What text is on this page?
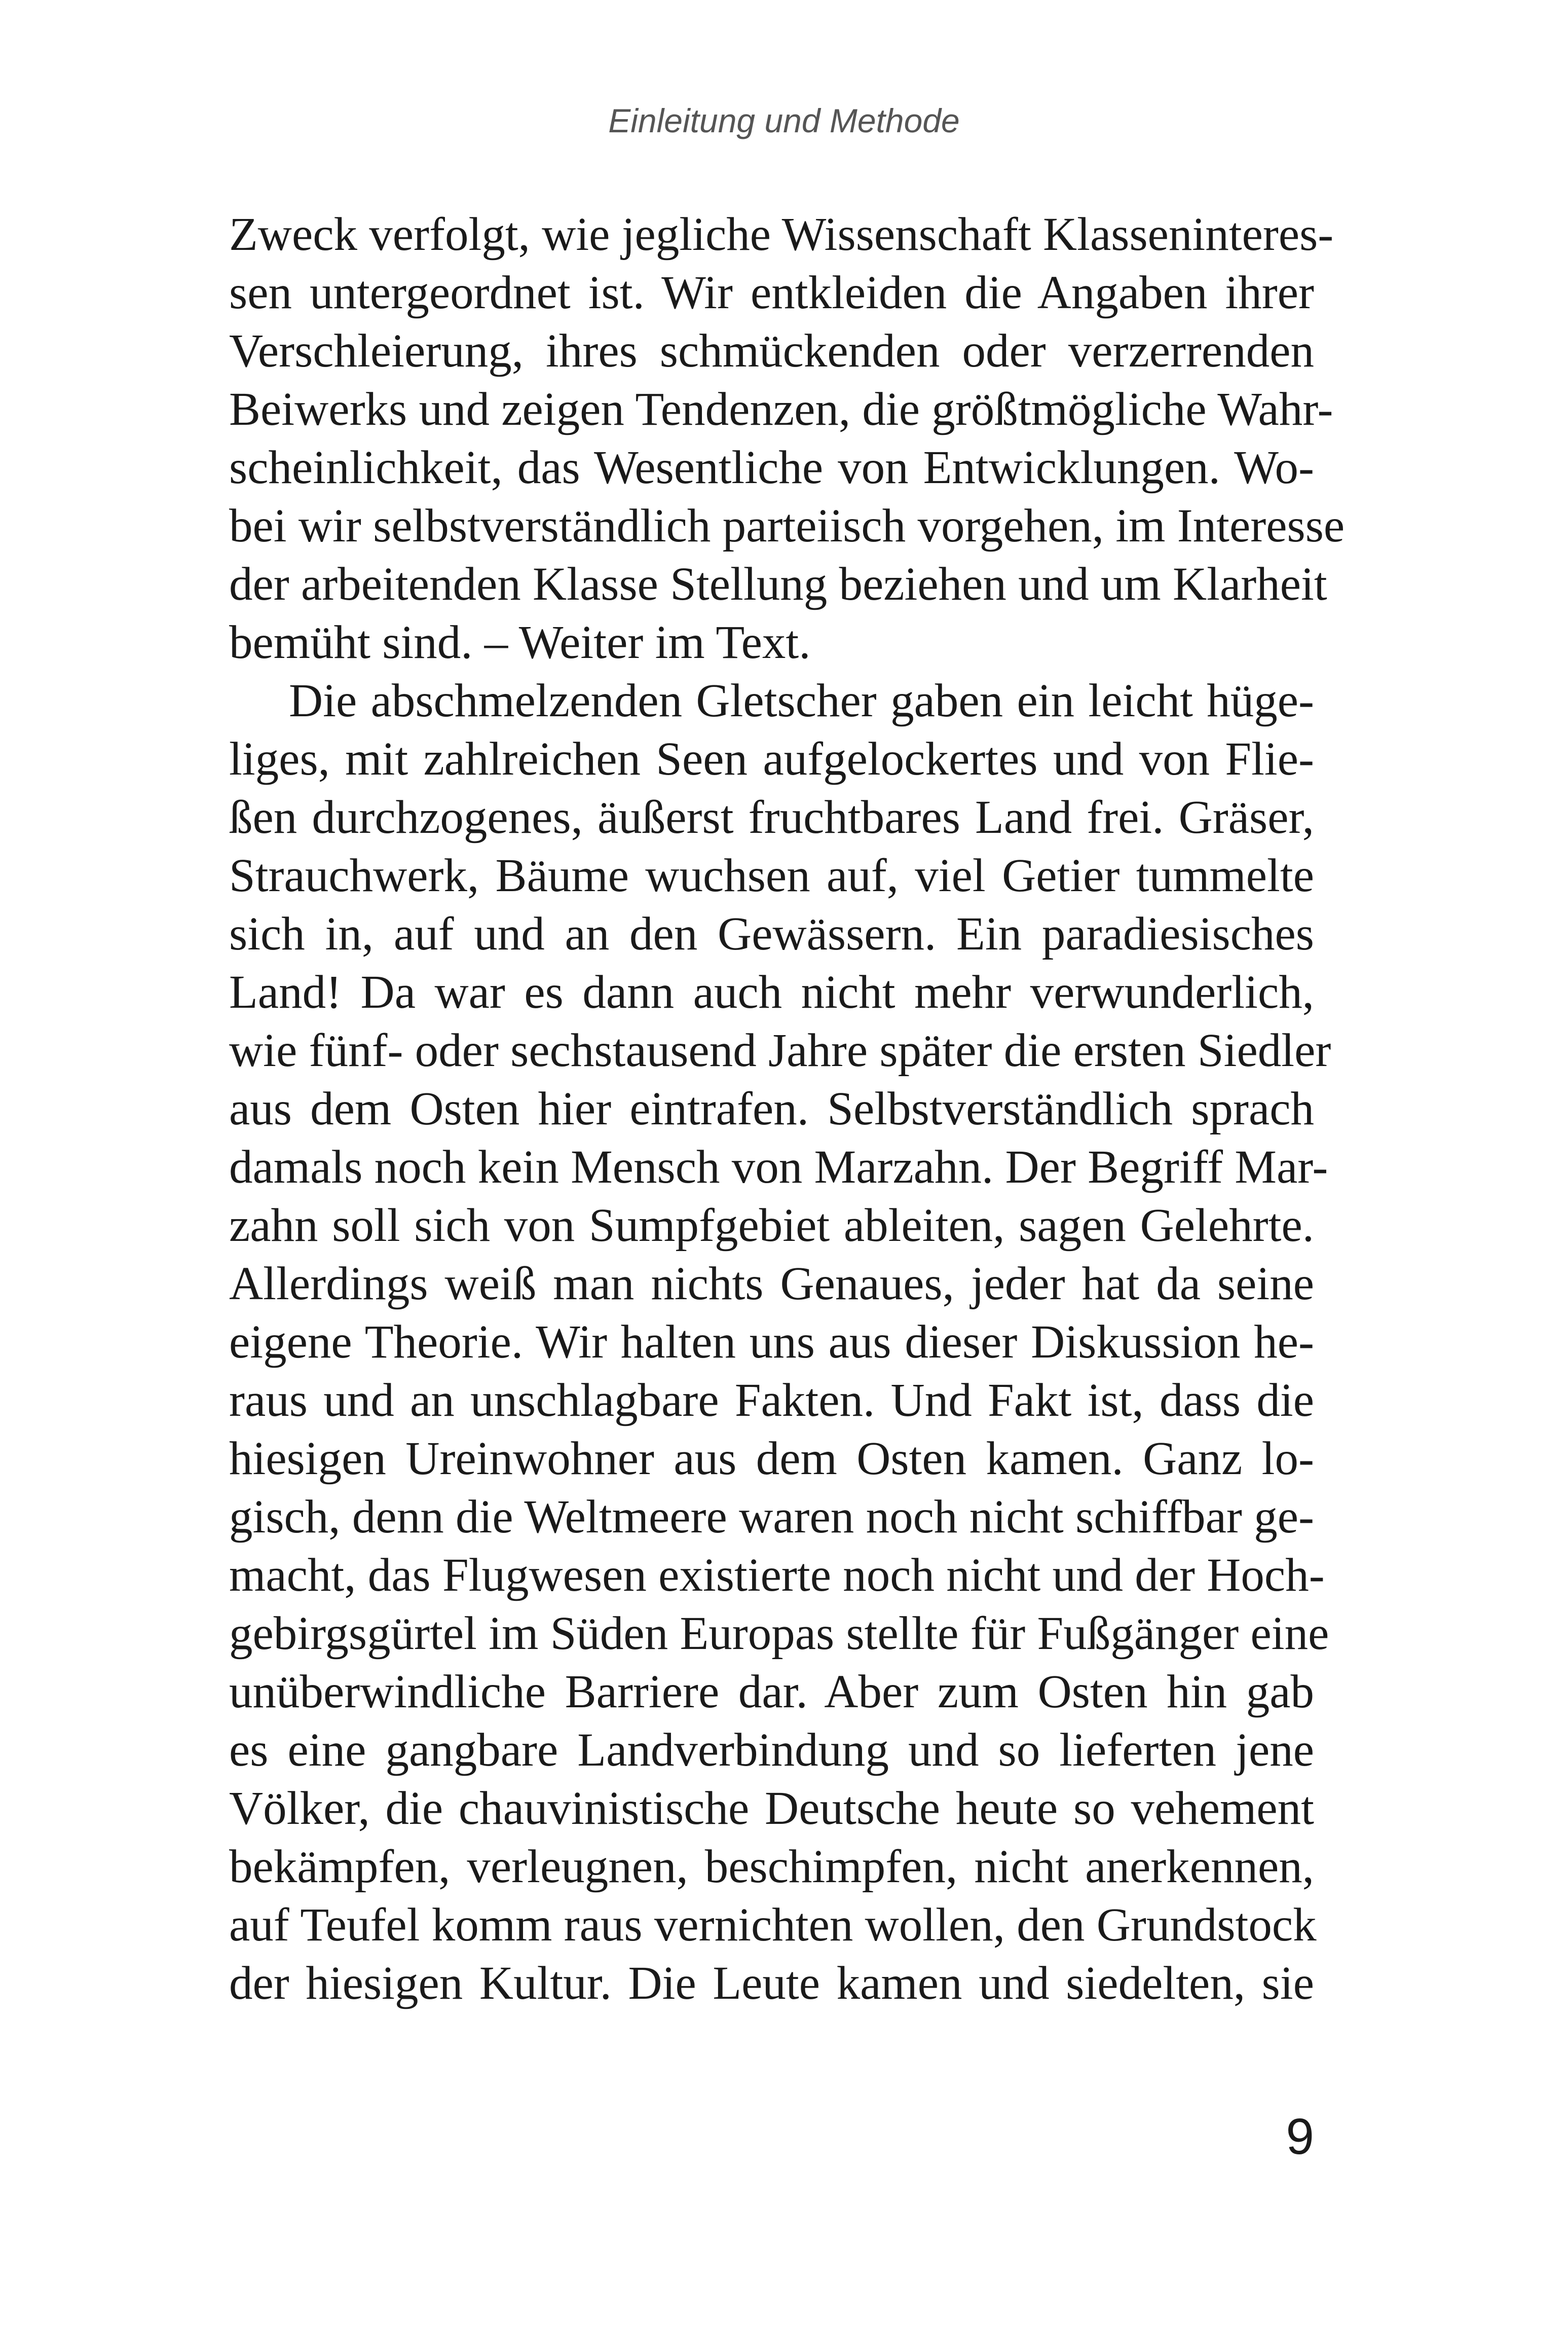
Einleitung und Methode
Zweck verfolgt, wie jegliche Wissenschaft Klasseninteres-
sen untergeordnet ist. Wir entkleiden die Angaben ihrer
Verschleierung, ihres schmückenden oder verzerrenden
Beiwerks und zeigen Tendenzen, die größtmögliche Wahr-
scheinlichkeit, das Wesentliche von Entwicklungen. Wo-
bei wir selbstverständlich parteiisch vorgehen, im Interesse
der arbeitenden Klasse Stellung beziehen und um Klarheit
bemüht sind. – Weiter im Text.
Die abschmelzenden Gletscher gaben ein leicht hüge-
liges, mit zahlreichen Seen aufgelockertes und von Flie-
ßen durchzogenes, äußerst fruchtbares Land frei. Gräser,
Strauchwerk, Bäume wuchsen auf, viel Getier tummelte
sich in, auf und an den Gewässern. Ein paradiesisches
Land! Da war es dann auch nicht mehr verwunderlich,
wie fünf- oder sechstausend Jahre später die ersten Siedler
aus dem Osten hier eintrafen. Selbstverständlich sprach
damals noch kein Mensch von Marzahn. Der Begriff Mar-
zahn soll sich von Sumpfgebiet ableiten, sagen Gelehrte.
Allerdings weiß man nichts Genaues, jeder hat da seine
eigene Theorie. Wir halten uns aus dieser Diskussion he-
raus und an unschlagbare Fakten. Und Fakt ist, dass die
hiesigen Ureinwohner aus dem Osten kamen. Ganz lo-
gisch, denn die Weltmeere waren noch nicht schiffbar ge-
macht, das Flugwesen existierte noch nicht und der Hoch-
gebirgsgürtel im Süden Europas stellte für Fußgänger eine
unüberwindliche Barriere dar. Aber zum Osten hin gab
es eine gangbare Landverbindung und so lieferten jene
Völker, die chauvinistische Deutsche heute so vehement
bekämpfen, verleugnen, beschimpfen, nicht anerkennen,
auf Teufel komm raus vernichten wollen, den Grundstock
der hiesigen Kultur. Die Leute kamen und siedelten, sie
9
